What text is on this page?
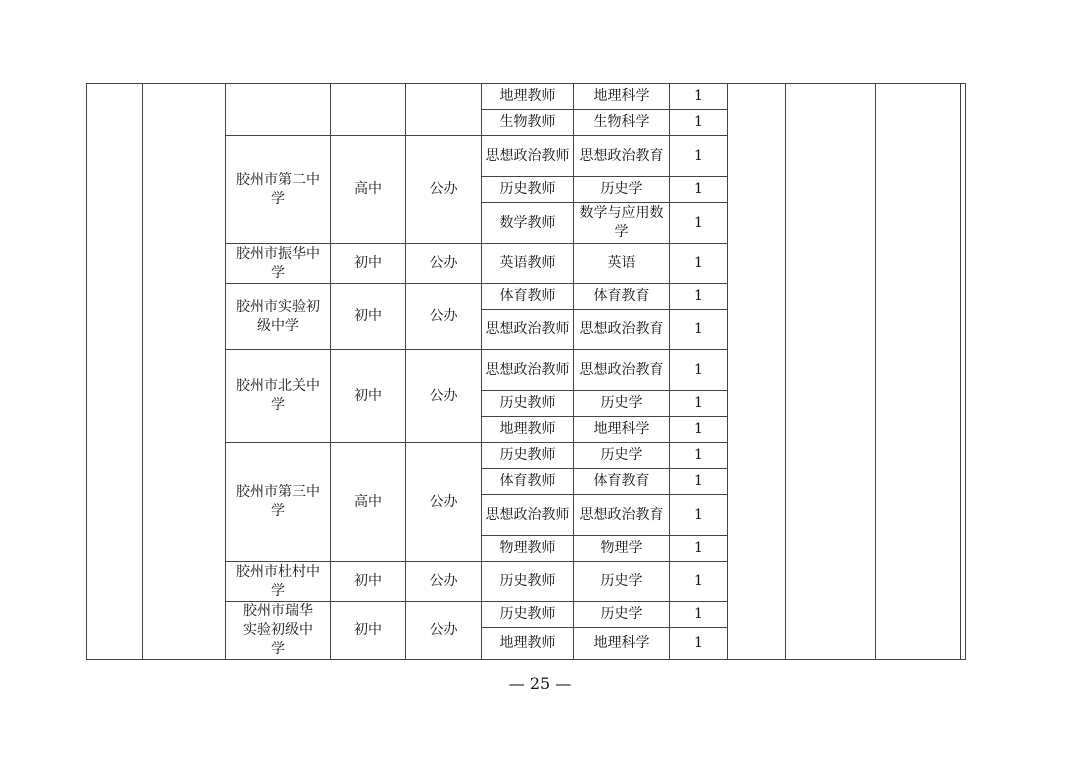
					地理教师	地理科学	1				

					生物教师	生物科学	1				

		胶州市第二中学	高中	公办	思想政治教师	思想政治教育	1				

					历史教师	历史学	1				

					数学教师	数学与应用数学	1				

		胶州市振华中学	初中	公办	英语教师	英语	1				

		胶州市实验初级中学	初中	公办	体育教师	体育教育	1				

					思想政治教师	思想政治教育	1				

		胶州市北关中学	初中	公办	思想政治教师	思想政治教育	1				

					历史教师	历史学	1				

					地理教师	地理科学	1				

		胶州市第三中学	高中	公办	历史教师	历史学	1				

					体育教师	体育教育	1				

					思想政治教师	思想政治教育	1				

					物理教师	物理学	1				

		胶州市杜村中学	初中	公办	历史教师	历史学	1				

		胶州市瑞华实验初级中学	初中	公办	历史教师	历史学	1				

					地理教师	地理科学	1				
— 25 —
